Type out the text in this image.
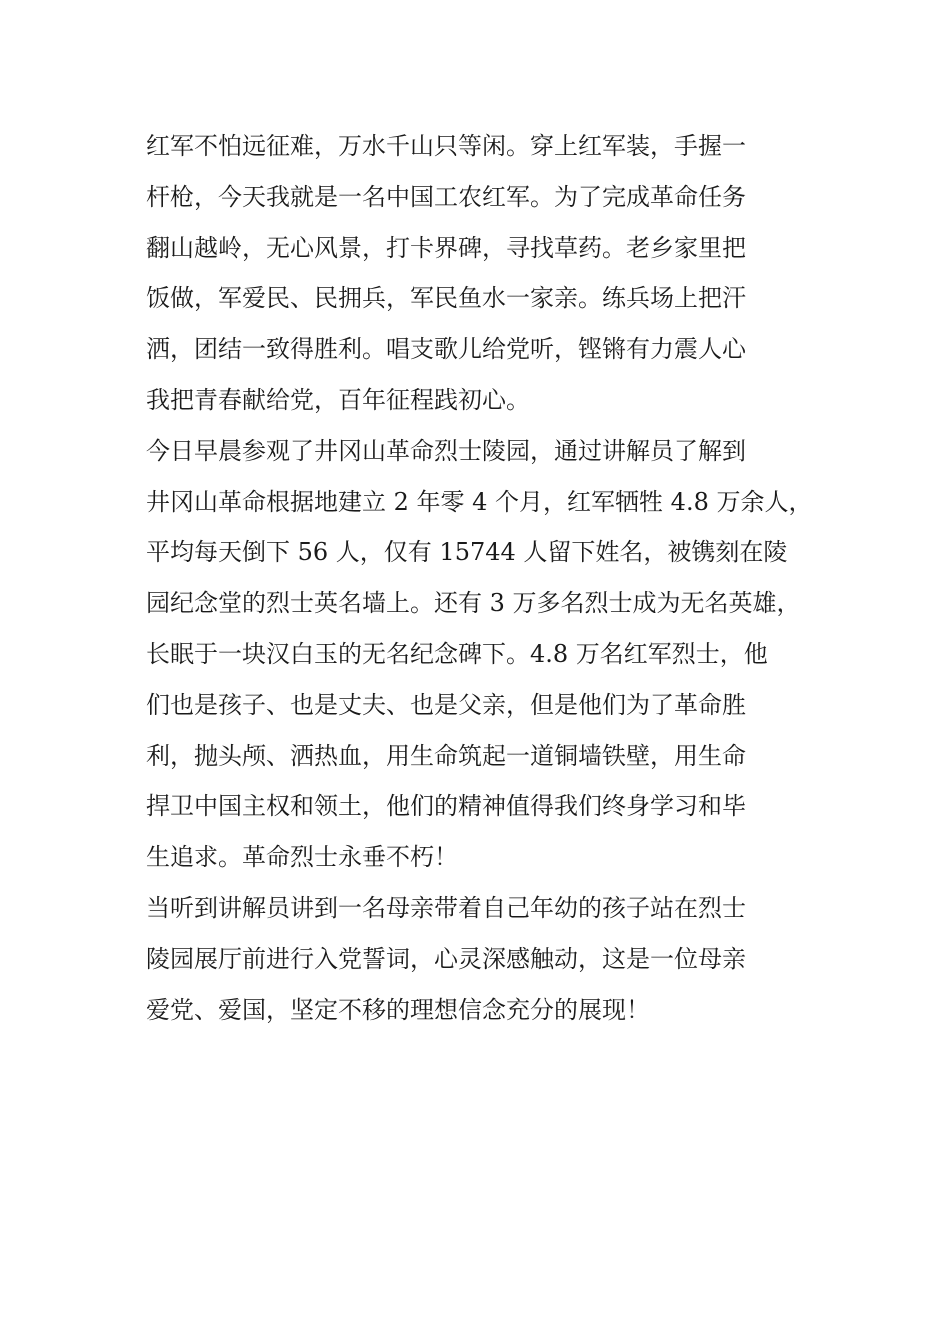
红军不怕远征难，万水千山只等闲。穿上红军装，手握一
杆枪，今天我就是一名中国工农红军。为了完成革命任务
翻山越岭，无心风景，打卡界碑，寻找草药。老乡家里把
饭做，军爱民、民拥兵，军民鱼水一家亲。练兵场上把汗
洒，团结一致得胜利。唱支歌儿给党听，铿锵有力震人心
我把青春献给党，百年征程践初心。

今日早晨参观了井冈山革命烈士陵园，通过讲解员了解到
井冈山革命根据地建立 2 年零 4 个月，红军牺牲 4.8 万余人，
平均每天倒下 56 人，仅有 15744 人留下姓名，被镌刻在陵
园纪念堂的烈士英名墙上。还有 3 万多名烈士成为无名英雄，
长眠于一块汉白玉的无名纪念碑下。4.8 万名红军烈士，他
们也是孩子、也是丈夫、也是父亲，但是他们为了革命胜
利，抛头颅、洒热血，用生命筑起一道铜墙铁壁，用生命
捍卫中国主权和领土，他们的精神值得我们终身学习和毕
生追求。革命烈士永垂不朽！

当听到讲解员讲到一名母亲带着自己年幼的孩子站在烈士
陵园展厅前进行入党誓词，心灵深感触动，这是一位母亲
爱党、爱国，坚定不移的理想信念充分的展现！
